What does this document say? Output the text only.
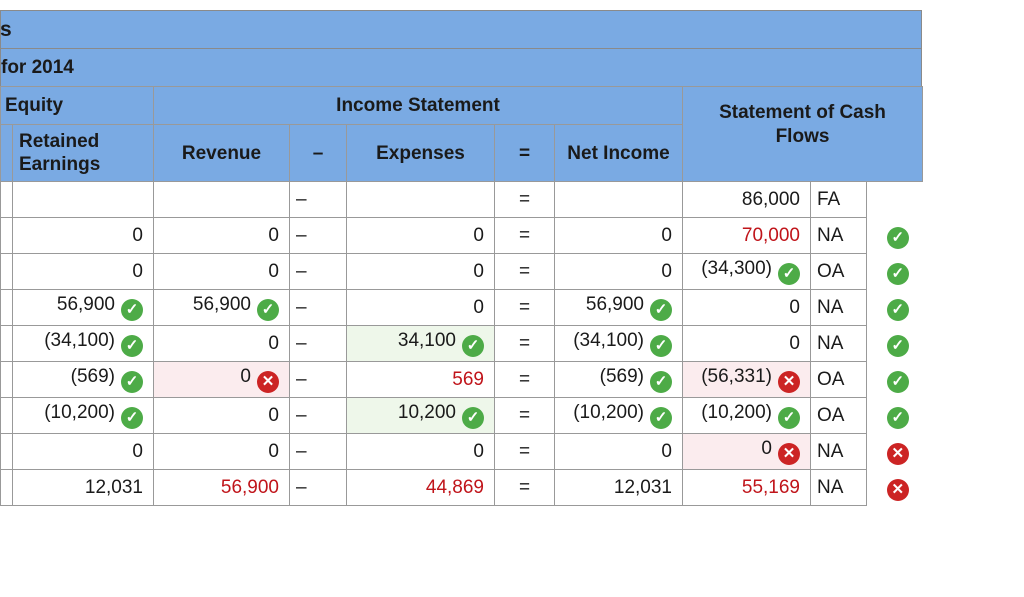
s
for 2014
Equity		Income Statement					Statement of Cash Flows		
	Retained Earnings	Revenue	–	Expenses	=	Net Income			
			–		=		86,000	FA	
	0	0	–	0	=	0	70,000	NA	✓
	0	0	–	0	=	0	(34,300) ✓	OA	✓
	56,900 ✓	56,900 ✓	–	0	=	56,900 ✓	0	NA	✓
	(34,100) ✓	0	–	34,100 ✓	=	(34,100) ✓	0	NA	✓
	(569) ✓	0 ✕	–	569	=	(569) ✓	(56,331) ✕	OA	✓
	(10,200) ✓	0	–	10,200 ✓	=	(10,200) ✓	(10,200) ✓	OA	✓
	0	0	–	0	=	0	0 ✕	NA	✕
	12,031	56,900	–	44,869	=	12,031	55,169	NA	✕
